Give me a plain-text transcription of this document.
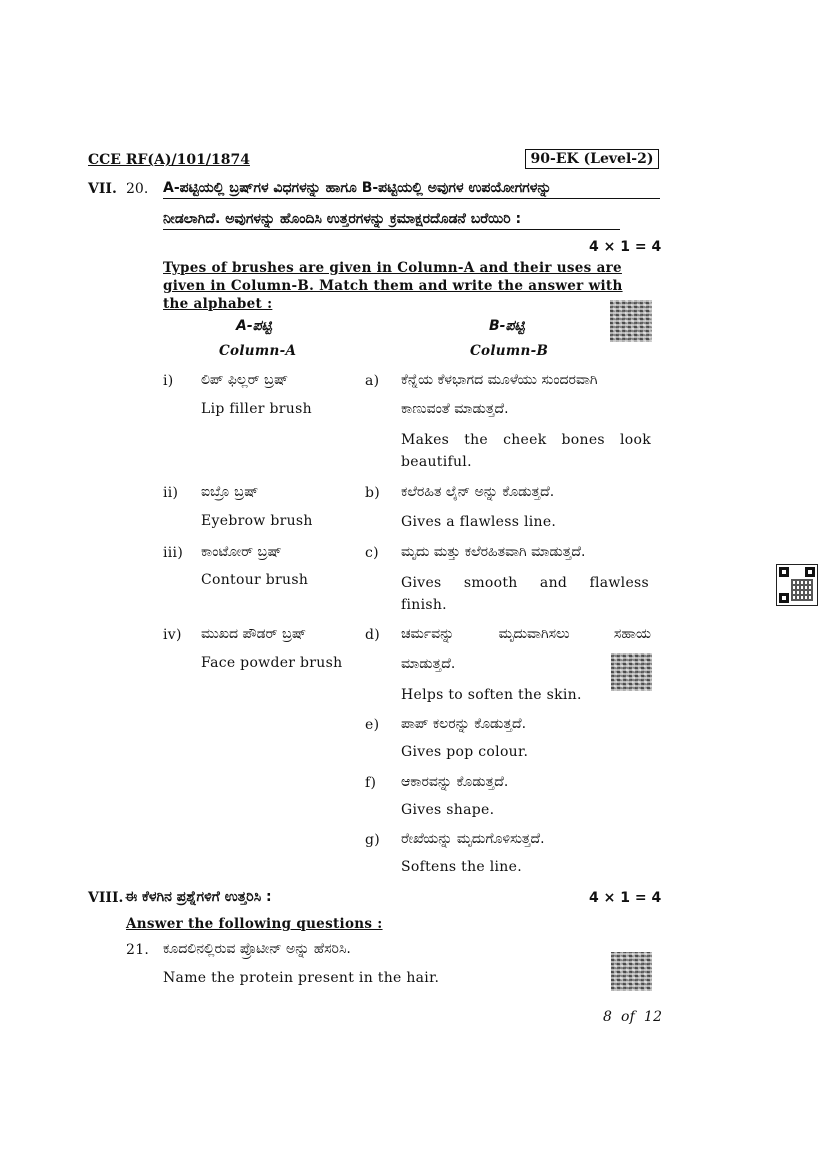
CCE RF(A)/101/1874	90-EK (Level-2)
VII. 20. A-ಪಟ್ಟಿಯಲ್ಲಿ ಬ್ರಷ್‌ಗಳ ವಿಧಗಳನ್ನು ಹಾಗೂ B-ಪಟ್ಟಿಯಲ್ಲಿ ಅವುಗಳ ಉಪಯೋಗಗಳನ್ನು
ನೀಡಲಾಗಿದೆ. ಅವುಗಳನ್ನು ಹೊಂದಿಸಿ ಉತ್ತರಗಳನ್ನು ಕ್ರಮಾಕ್ಷರದೊಡನೆ ಬರೆಯಿರಿ :
4 × 1 = 4
Types of brushes are given in Column-A and their uses are
given in Column-B. Match them and write the answer with
the alphabet :
A-ಪಟ್ಟಿ
Column-A
B-ಪಟ್ಟಿ
Column-B
i) ಲಿಪ್ ಫಿಲ್ಲರ್ ಬ್ರಷ್
Lip filler brush
ii) ಐಬ್ರೊ ಬ್ರಷ್
Eyebrow brush
iii) ಕಾಂಟೋರ್ ಬ್ರಷ್
Contour brush
iv) ಮುಖದ ಪೌಡರ್ ಬ್ರಷ್
Face powder brush
a) ಕೆನ್ನೆಯ ಕೆಳಭಾಗದ ಮೂಳೆಯು ಸುಂದರವಾಗಿ
ಕಾಣುವಂತೆ ಮಾಡುತ್ತದೆ.
Makes the cheek bones look
beautiful.
b) ಕಲೆರಹಿತ ಲೈನ್ ಅನ್ನು ಕೊಡುತ್ತದೆ.
Gives a flawless line.
c) ಮೃದು ಮತ್ತು ಕಲೆರಹಿತವಾಗಿ ಮಾಡುತ್ತದೆ.
Gives smooth and flawless
finish.
d) ಚರ್ಮವನ್ನು ಮೃದುವಾಗಿಸಲು ಸಹಾಯ
ಮಾಡುತ್ತದೆ.
Helps to soften the skin.
e) ಪಾಪ್ ಕಲರನ್ನು ಕೊಡುತ್ತದೆ.
Gives pop colour.
f) ಆಕಾರವನ್ನು ಕೊಡುತ್ತದೆ.
Gives shape.
g) ರೇಖೆಯನ್ನು ಮೃದುಗೊಳಿಸುತ್ತದೆ.
Softens the line.
VIII. ಈ ಕೆಳಗಿನ ಪ್ರಶ್ನೆಗಳಿಗೆ ಉತ್ತರಿಸಿ :	4 × 1 = 4
Answer the following questions :
21. ಕೂದಲಿನಲ್ಲಿರುವ ಪ್ರೊಟೀನ್ ಅನ್ನು ಹೆಸರಿಸಿ.
Name the protein present in the hair.
8 of 12
